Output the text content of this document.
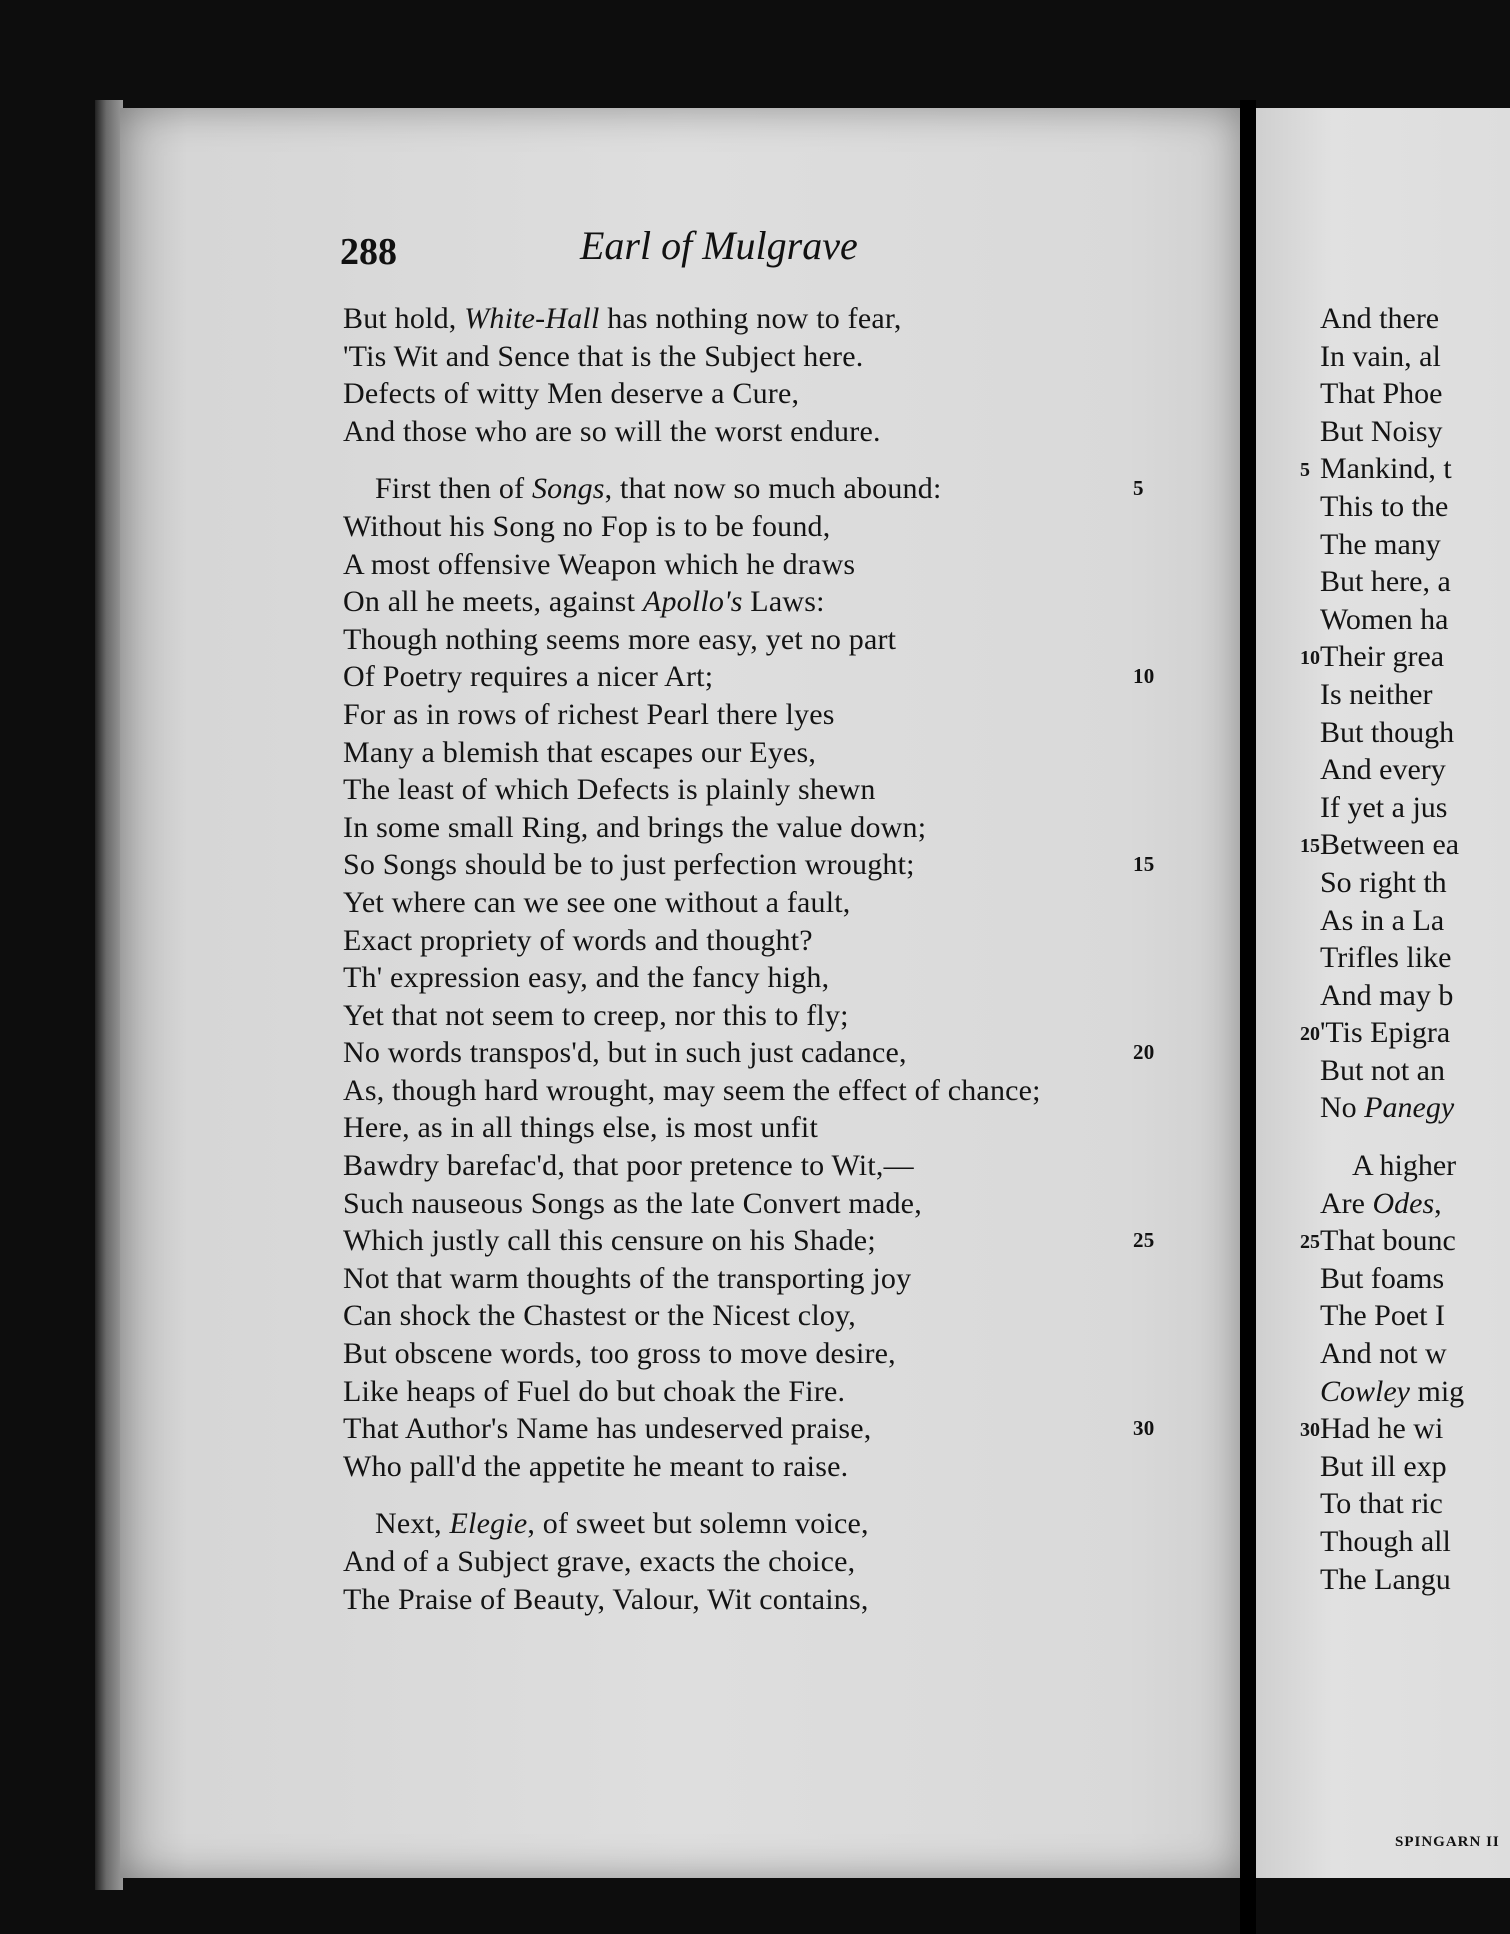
288	Earl of Mulgrave
But hold, White-Hall has nothing now to fear,
'Tis Wit and Sence that is the Subject here.
Defects of witty Men deserve a Cure,
And those who are so will the worst endure.
First then of Songs, that now so much abound:	5
Without his Song no Fop is to be found,
A most offensive Weapon which he draws
On all he meets, against Apollo's Laws:
Though nothing seems more easy, yet no part
Of Poetry requires a nicer Art;	10
For as in rows of richest Pearl there lyes
Many a blemish that escapes our Eyes,
The least of which Defects is plainly shewn
In some small Ring, and brings the value down;
So Songs should be to just perfection wrought;	15
Yet where can we see one without a fault,
Exact propriety of words and thought?
Th' expression easy, and the fancy high,
Yet that not seem to creep, nor this to fly;
No words transpos'd, but in such just cadance,	20
As, though hard wrought, may seem the effect of chance;
Here, as in all things else, is most unfit
Bawdry barefac'd, that poor pretence to Wit,—
Such nauseous Songs as the late Convert made,
Which justly call this censure on his Shade;	25
Not that warm thoughts of the transporting joy
Can shock the Chastest or the Nicest cloy,
But obscene words, too gross to move desire,
Like heaps of Fuel do but choak the Fire.
That Author's Name has undeserved praise,	30
Who pall'd the appetite he meant to raise.
Next, Elegie, of sweet but solemn voice,
And of a Subject grave, exacts the choice,
The Praise of Beauty, Valour, Wit contains,
And there
In vain, al
That Phoe
But Noisy
Mankind, t
5
This to the
The many
But here, a
Women ha
Their grea
10
Is neither
But though
And every
If yet a jus
Between ea
15
So right th
As in a La
Trifles like
And may b
'Tis Epigra
20
But not an
No Panegy
A higher
Are Odes,
That bounc
25
But foams
The Poet I
And not w
Cowley mig
Had he wi
30
But ill exp
To that ric
Though all
The Langu
SPINGARN II
